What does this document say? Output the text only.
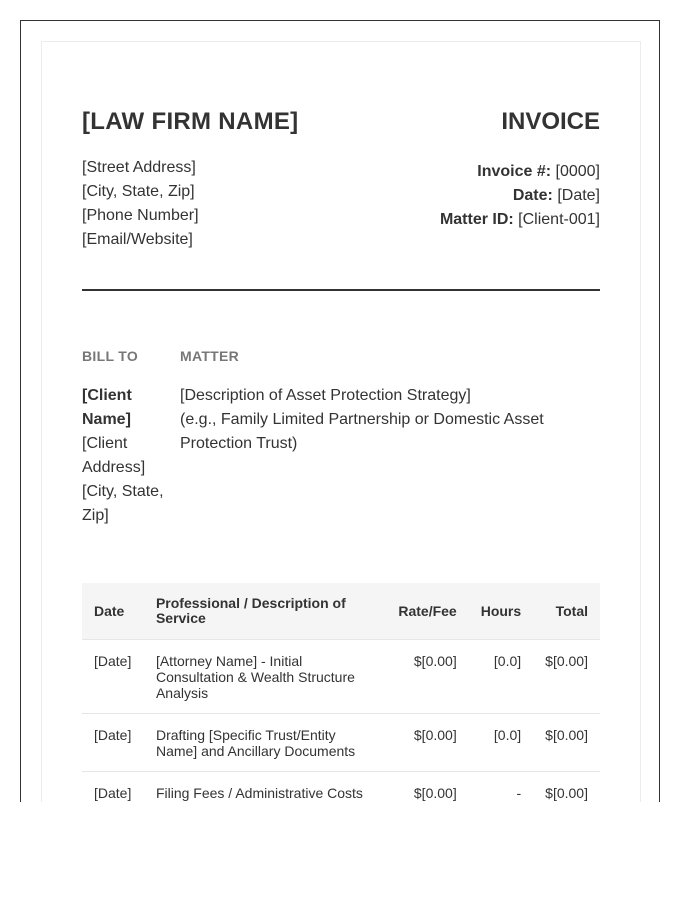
[LAW FIRM NAME]
[Street Address]
[City, State, Zip]
[Phone Number]
[Email/Website]
INVOICE
Invoice #: [0000]
Date: [Date]
Matter ID: [Client-001]
BILL TO
[Client Name]
[Client Address]
[City, State, Zip]
MATTER
[Description of Asset Protection Strategy]
(e.g., Family Limited Partnership or Domestic Asset Protection Trust)
Date	Professional / Description of Service	Rate/Fee	Hours	Total
[Date]	[Attorney Name] - Initial Consultation & Wealth Structure Analysis	$[0.00]	[0.0]	$[0.00]
[Date]	Drafting [Specific Trust/Entity Name] and Ancillary Documents	$[0.00]	[0.0]	$[0.00]
[Date]	Filing Fees / Administrative Costs	$[0.00]	-	$[0.00]
